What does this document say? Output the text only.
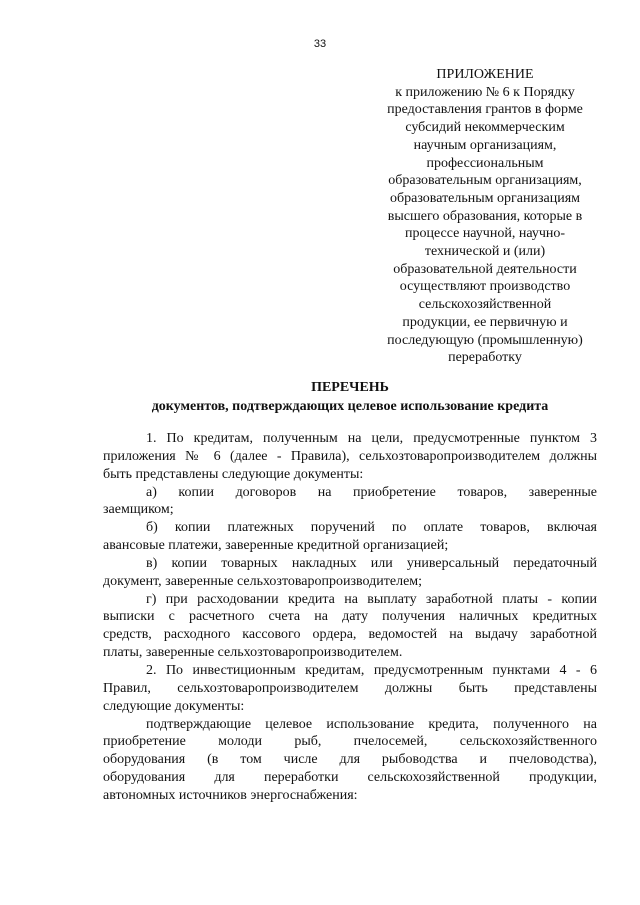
33
ПРИЛОЖЕНИЕ
к приложению № 6 к Порядку
предоставления грантов в форме
субсидий некоммерческим
научным организациям,
профессиональным
образовательным организациям,
образовательным организациям
высшего образования, которые в
процессе научной, научно-
технической и (или)
образовательной деятельности
осуществляют производство
сельскохозяйственной
продукции, ее первичную и
последующую (промышленную)
переработку
ПЕРЕЧЕНЬ
документов, подтверждающих целевое использование кредита
1. По кредитам, полученным на цели, предусмотренные пунктом 3
приложения № 6 (далее - Правила), сельхозтоваропроизводителем должны
быть представлены следующие документы:
а) копии договоров на приобретение товаров, заверенные
заемщиком;
б) копии платежных поручений по оплате товаров, включая
авансовые платежи, заверенные кредитной организацией;
в) копии товарных накладных или универсальный передаточный
документ, заверенные сельхозтоваропроизводителем;
г) при расходовании кредита на выплату заработной платы - копии
выписки с расчетного счета на дату получения наличных кредитных
средств, расходного кассового ордера, ведомостей на выдачу заработной
платы, заверенные сельхозтоваропроизводителем.
2. По инвестиционным кредитам, предусмотренным пунктами 4 - 6
Правил, сельхозтоваропроизводителем должны быть представлены
следующие документы:
подтверждающие целевое использование кредита, полученного на
приобретение молоди рыб, пчелосемей, сельскохозяйственного
оборудования (в том числе для рыбоводства и пчеловодства),
оборудования для переработки сельскохозяйственной продукции,
автономных источников энергоснабжения:
